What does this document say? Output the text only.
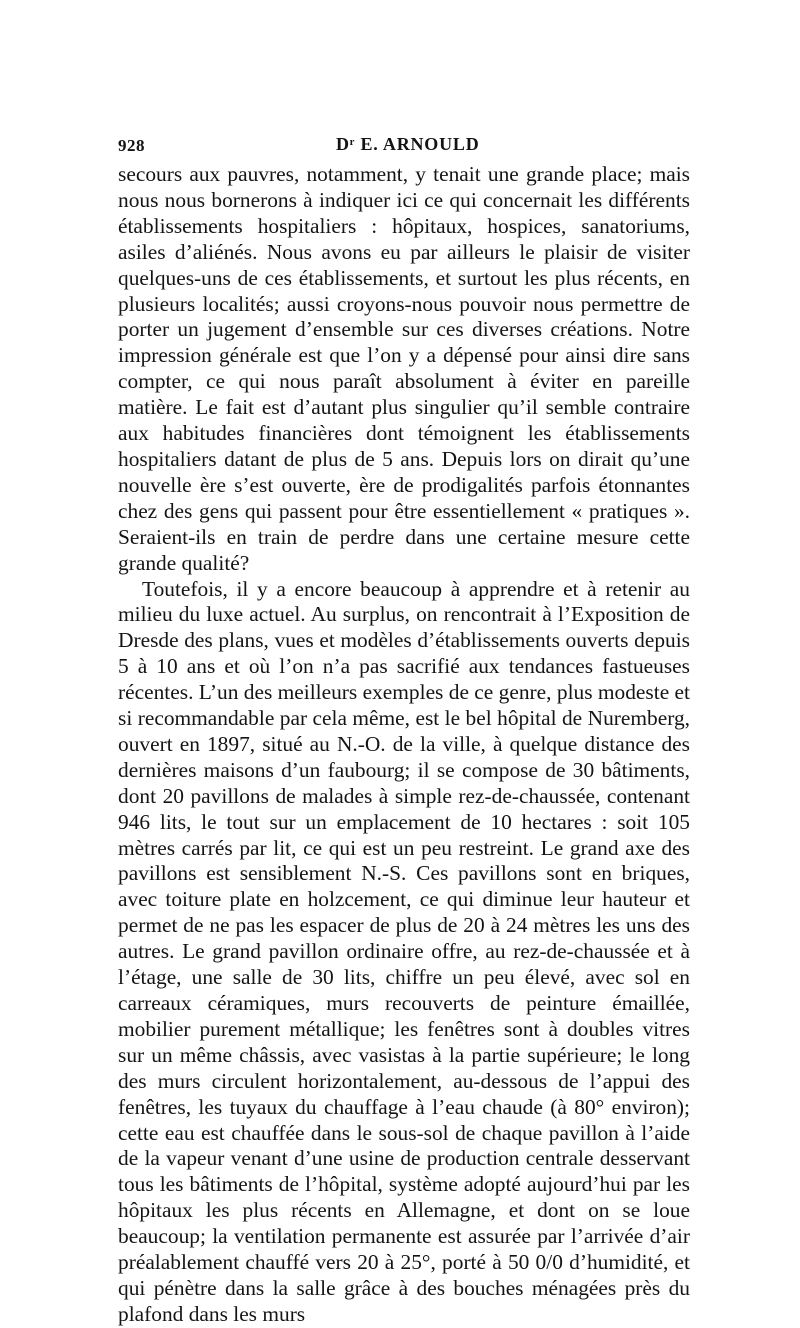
928	Dʳ E. ARNOULD

secours aux pauvres, notamment, y tenait une grande place; mais nous nous bornerons à indiquer ici ce qui concernait les différents établissements hospitaliers : hôpitaux, hospices, sanatoriums, asiles d’aliénés. Nous avons eu par ailleurs le plaisir de visiter quelques-uns de ces établissements, et surtout les plus récents, en plusieurs localités; aussi croyons-nous pouvoir nous permettre de porter un jugement d’ensemble sur ces diverses créations. Notre impression générale est que l’on y a dépensé pour ainsi dire sans compter, ce qui nous paraît absolument à éviter en pareille matière. Le fait est d’autant plus singulier qu’il semble contraire aux habitudes financières dont témoignent les établissements hospitaliers datant de plus de 5 ans. Depuis lors on dirait qu’une nouvelle ère s’est ouverte, ère de prodigalités parfois étonnantes chez des gens qui passent pour être essentiellement « pratiques ». Seraient-ils en train de perdre dans une certaine mesure cette grande qualité?

Toutefois, il y a encore beaucoup à apprendre et à retenir au milieu du luxe actuel. Au surplus, on rencontrait à l’Exposition de Dresde des plans, vues et modèles d’établissements ouverts depuis 5 à 10 ans et où l’on n’a pas sacrifié aux tendances fastueuses récentes. L’un des meilleurs exemples de ce genre, plus modeste et si recommandable par cela même, est le bel hôpital de Nuremberg, ouvert en 1897, situé au N.-O. de la ville, à quelque distance des dernières maisons d’un faubourg; il se compose de 30 bâtiments, dont 20 pavillons de malades à simple rez-de-chaussée, contenant 946 lits, le tout sur un emplacement de 10 hectares : soit 105 mètres carrés par lit, ce qui est un peu restreint. Le grand axe des pavillons est sensiblement N.-S. Ces pavillons sont en briques, avec toiture plate en holzcement, ce qui diminue leur hauteur et permet de ne pas les espacer de plus de 20 à 24 mètres les uns des autres. Le grand pavillon ordinaire offre, au rez-de-chaussée et à l’étage, une salle de 30 lits, chiffre un peu élevé, avec sol en carreaux céramiques, murs recouverts de peinture émaillée, mobilier purement métallique; les fenêtres sont à doubles vitres sur un même châssis, avec vasistas à la partie supérieure; le long des murs circulent horizontalement, au-dessous de l’appui des fenêtres, les tuyaux du chauffage à l’eau chaude (à 80° environ); cette eau est chauffée dans le sous-sol de chaque pavillon à l’aide de la vapeur venant d’une usine de production centrale desservant tous les bâtiments de l’hôpital, système adopté aujourd’hui par les hôpitaux les plus récents en Allemagne, et dont on se loue beaucoup; la ventilation permanente est assurée par l’arrivée d’air préalablement chauffé vers 20 à 25°, porté à 50 0/0 d’humidité, et qui pénètre dans la salle grâce à des bouches ménagées près du plafond dans les murs
